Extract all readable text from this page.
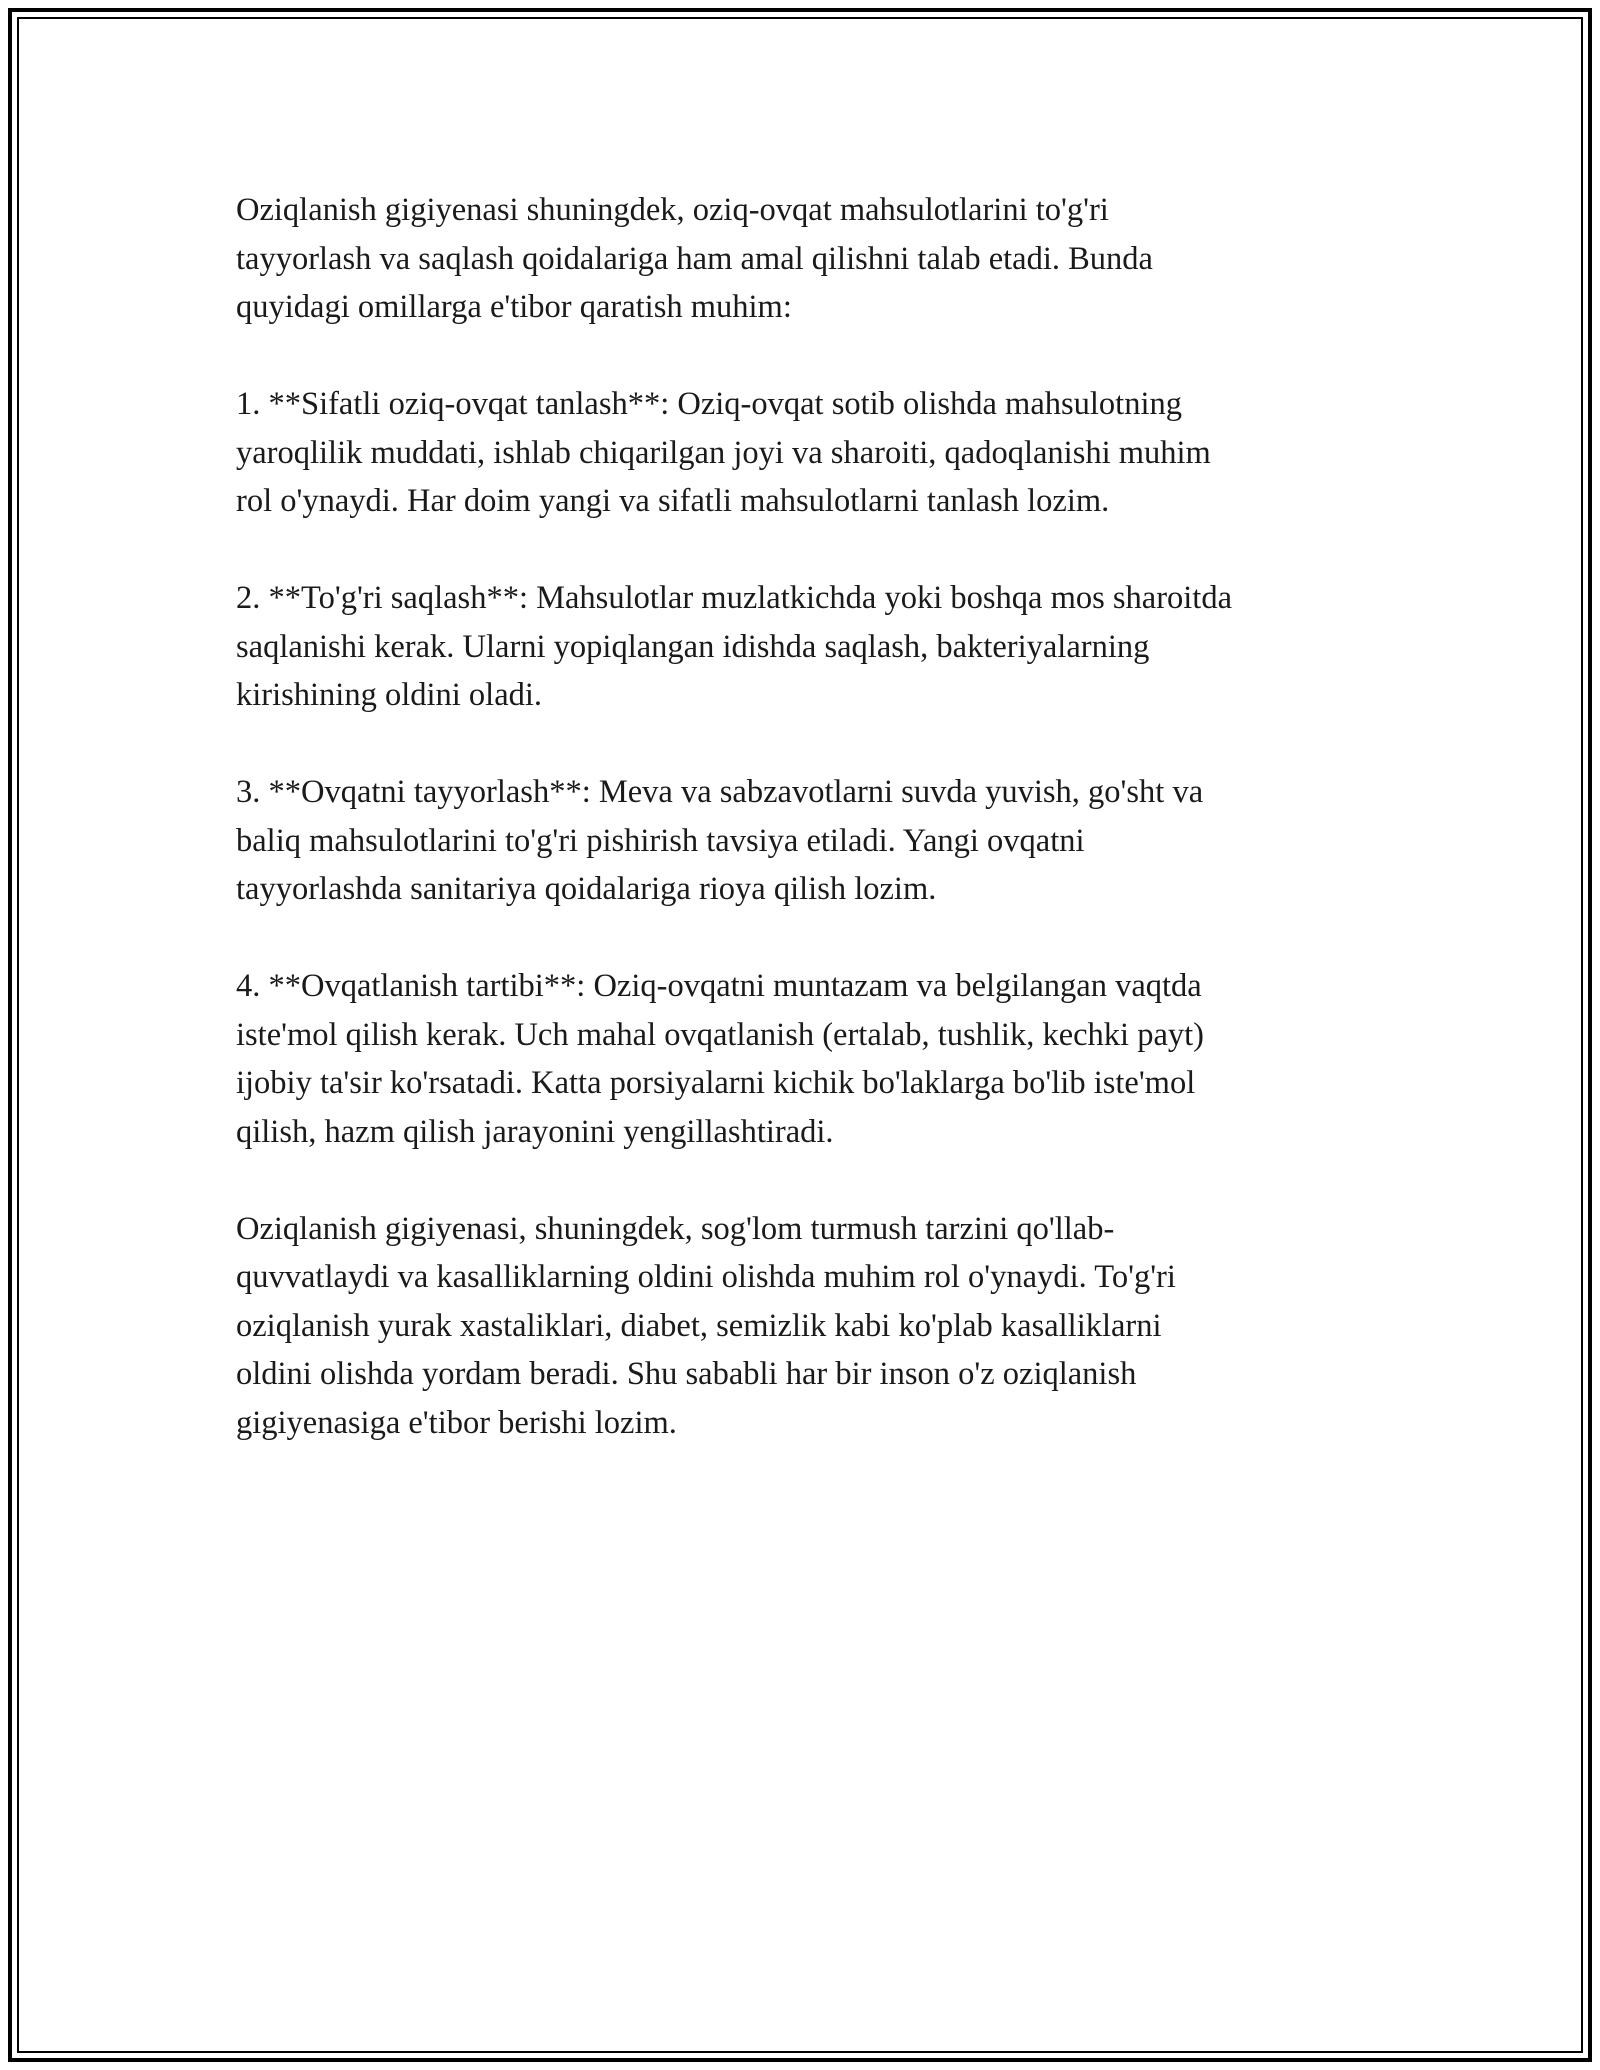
Oziqlanish gigiyenasi shuningdek, oziq-ovqat mahsulotlarini to'g'ri
tayyorlash va saqlash qoidalariga ham amal qilishni talab etadi. Bunda
quyidagi omillarga e'tibor qaratish muhim:

1. **Sifatli oziq-ovqat tanlash**: Oziq-ovqat sotib olishda mahsulotning
yaroqlilik muddati, ishlab chiqarilgan joyi va sharoiti, qadoqlanishi muhim
rol o'ynaydi. Har doim yangi va sifatli mahsulotlarni tanlash lozim.

2. **To'g'ri saqlash**: Mahsulotlar muzlatkichda yoki boshqa mos sharoitda
saqlanishi kerak. Ularni yopiqlangan idishda saqlash, bakteriyalarning
kirishining oldini oladi.

3. **Ovqatni tayyorlash**: Meva va sabzavotlarni suvda yuvish, go'sht va
baliq mahsulotlarini to'g'ri pishirish tavsiya etiladi. Yangi ovqatni
tayyorlashda sanitariya qoidalariga rioya qilish lozim.

4. **Ovqatlanish tartibi**: Oziq-ovqatni muntazam va belgilangan vaqtda
iste'mol qilish kerak. Uch mahal ovqatlanish (ertalab, tushlik, kechki payt)
ijobiy ta'sir ko'rsatadi. Katta porsiyalarni kichik bo'laklarga bo'lib iste'mol
qilish, hazm qilish jarayonini yengillashtiradi.

Oziqlanish gigiyenasi, shuningdek, sog'lom turmush tarzini qo'llab-
quvvatlaydi va kasalliklarning oldini olishda muhim rol o'ynaydi. To'g'ri
oziqlanish yurak xastaliklari, diabet, semizlik kabi ko'plab kasalliklarni
oldini olishda yordam beradi. Shu sababli har bir inson o'z oziqlanish
gigiyenasiga e'tibor berishi lozim.
